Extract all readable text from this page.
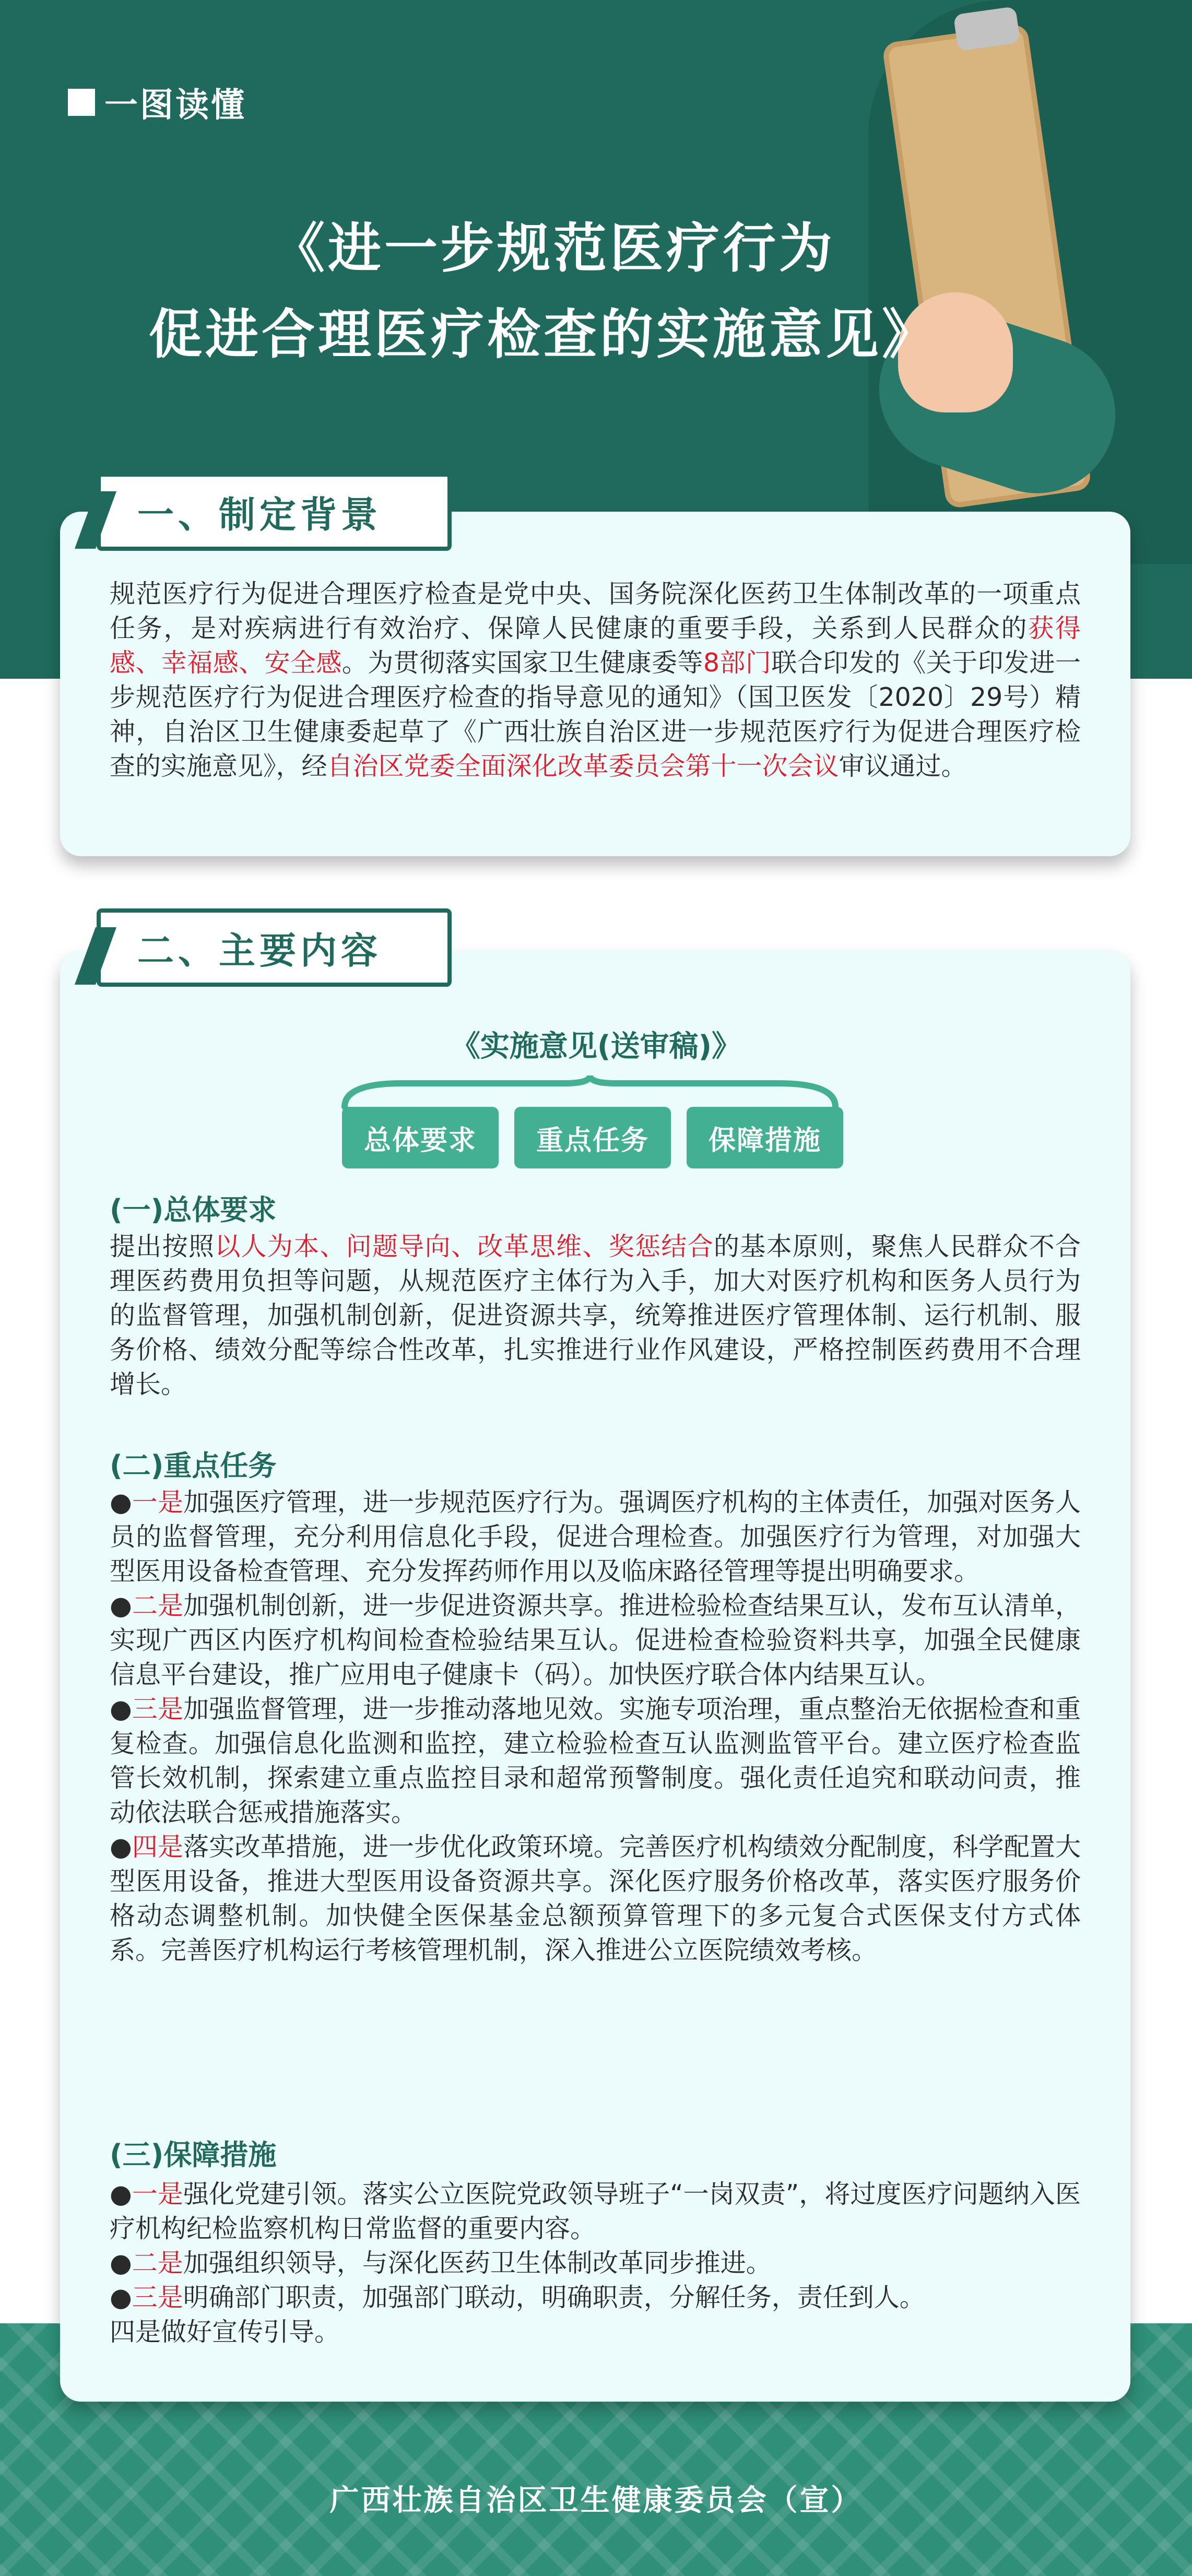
一图读懂
《进一步规范医疗行为
促进合理医疗检查的实施意见》
一、制定背景
规范医疗行为促进合理医疗检查是党中央、国务院深化医药卫生体制改革的一项重点任务，是对疾病进行有效治疗、保障人民健康的重要手段，关系到人民群众的获得感、幸福感、安全感。为贯彻落实国家卫生健康委等8部门联合印发的《关于印发进一步规范医疗行为促进合理医疗检查的指导意见的通知》（国卫医发〔2020〕29号）精神，自治区卫生健康委起草了《广西壮族自治区进一步规范医疗行为促进合理医疗检查的实施意见》，经自治区党委全面深化改革委员会第十一次会议审议通过。
二、主要内容
《实施意见(送审稿)》
总体要求	重点任务	保障措施
(一)总体要求
提出按照以人为本、问题导向、改革思维、奖惩结合的基本原则，聚焦人民群众不合理医药费用负担等问题，从规范医疗主体行为入手，加大对医疗机构和医务人员行为的监督管理，加强机制创新，促进资源共享，统筹推进医疗管理体制、运行机制、服务价格、绩效分配等综合性改革，扎实推进行业作风建设，严格控制医药费用不合理增长。
(二)重点任务
●一是加强医疗管理，进一步规范医疗行为。强调医疗机构的主体责任，加强对医务人员的监督管理，充分利用信息化手段，促进合理检查。加强医疗行为管理，对加强大型医用设备检查管理、充分发挥药师作用以及临床路径管理等提出明确要求。
●二是加强机制创新，进一步促进资源共享。推进检验检查结果互认，发布互认清单，实现广西区内医疗机构间检查检验结果互认。促进检查检验资料共享，加强全民健康信息平台建设，推广应用电子健康卡（码）。加快医疗联合体内结果互认。
●三是加强监督管理，进一步推动落地见效。实施专项治理，重点整治无依据检查和重复检查。加强信息化监测和监控，建立检验检查互认监测监管平台。建立医疗检查监管长效机制，探索建立重点监控目录和超常预警制度。强化责任追究和联动问责，推动依法联合惩戒措施落实。
●四是落实改革措施，进一步优化政策环境。完善医疗机构绩效分配制度，科学配置大型医用设备，推进大型医用设备资源共享。深化医疗服务价格改革，落实医疗服务价格动态调整机制。加快健全医保基金总额预算管理下的多元复合式医保支付方式体系。完善医疗机构运行考核管理机制，深入推进公立医院绩效考核。
(三)保障措施
●一是强化党建引领。落实公立医院党政领导班子“一岗双责”，将过度医疗问题纳入医疗机构纪检监察机构日常监督的重要内容。
●二是加强组织领导，与深化医药卫生体制改革同步推进。
●三是明确部门职责，加强部门联动，明确职责，分解任务，责任到人。
四是做好宣传引导。
广西壮族自治区卫生健康委员会（宣）
